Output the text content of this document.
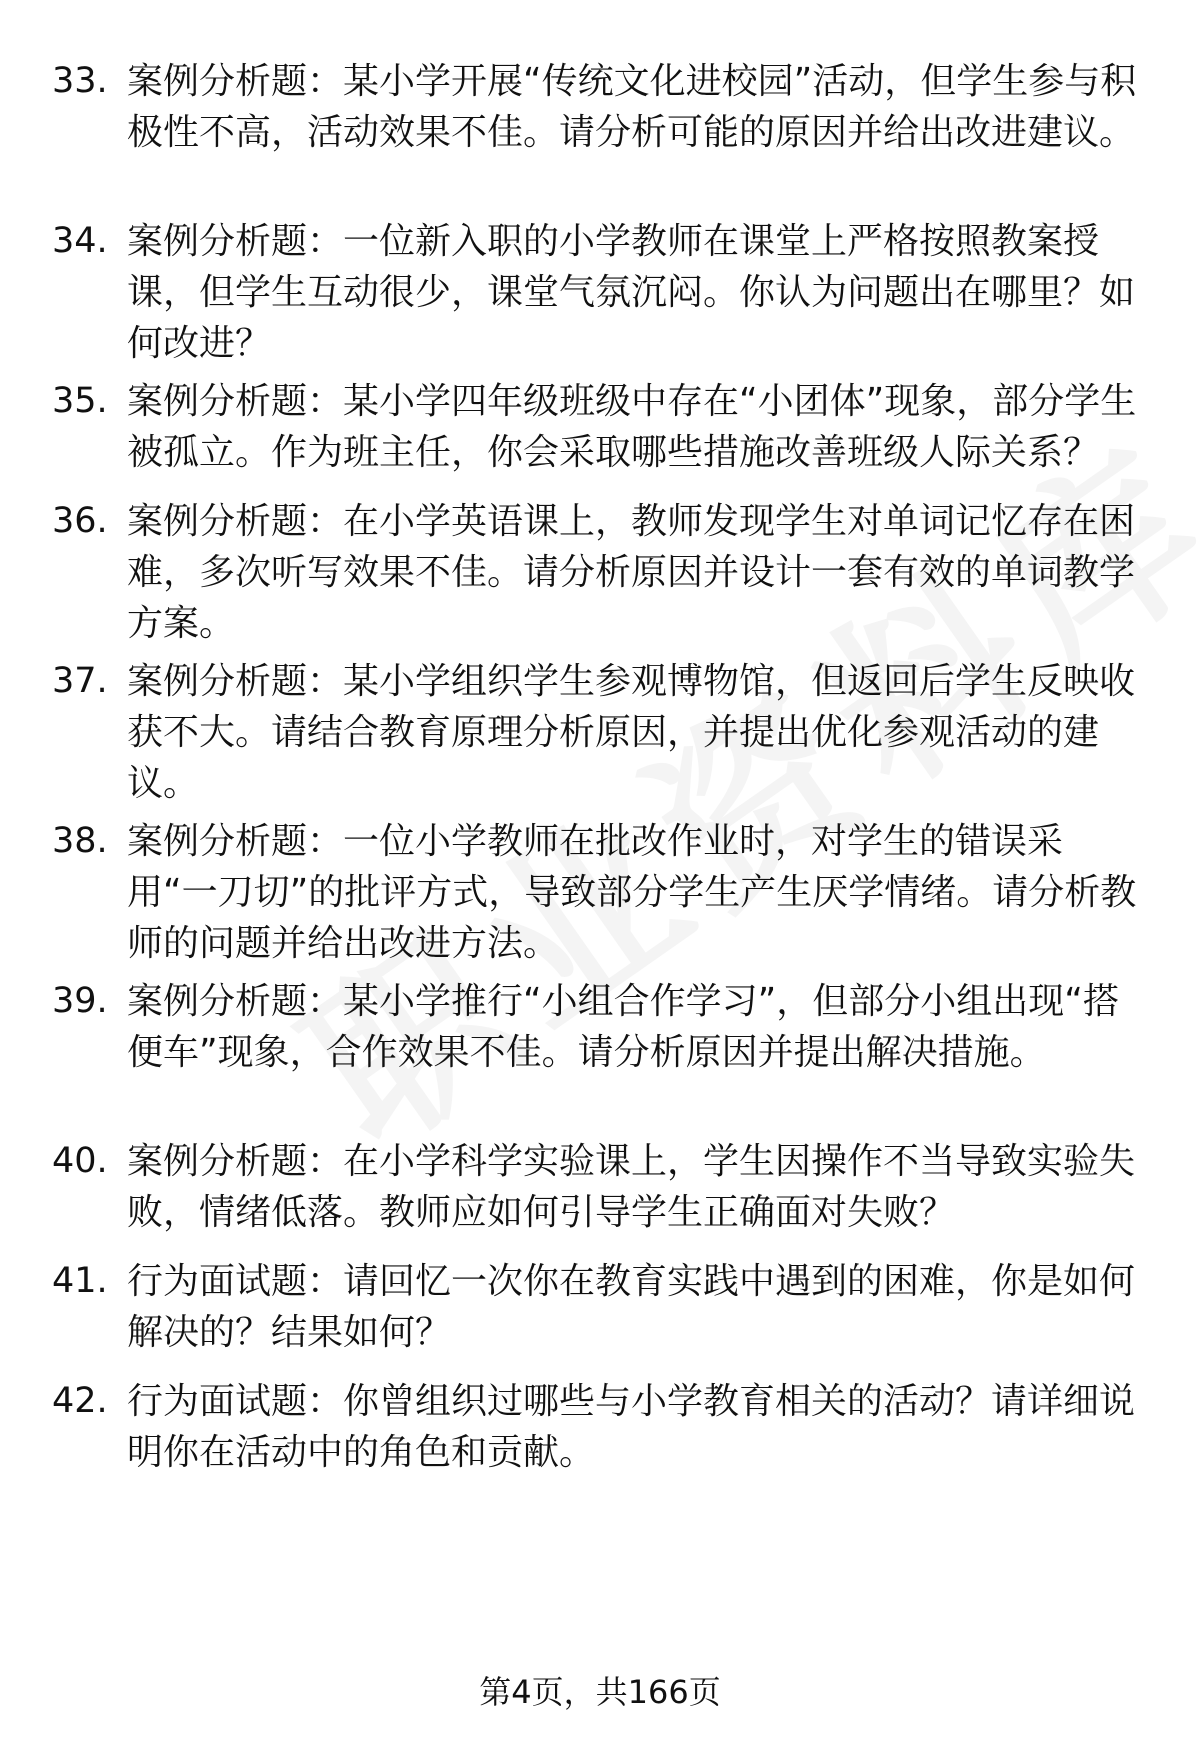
33. 案例分析题：某小学开展“传统文化进校园”活动，但学生参与积极性不高，活动效果不佳。请分析可能的原因并给出改进建议。
34. 案例分析题：一位新入职的小学教师在课堂上严格按照教案授课，但学生互动很少，课堂气氛沉闷。你认为问题出在哪里？如何改进？
35. 案例分析题：某小学四年级班级中存在“小团体”现象，部分学生被孤立。作为班主任，你会采取哪些措施改善班级人际关系？
36. 案例分析题：在小学英语课上，教师发现学生对单词记忆存在困难，多次听写效果不佳。请分析原因并设计一套有效的单词教学方案。
37. 案例分析题：某小学组织学生参观博物馆，但返回后学生反映收获不大。请结合教育原理分析原因，并提出优化参观活动的建议。
38. 案例分析题：一位小学教师在批改作业时，对学生的错误采用“一刀切”的批评方式，导致部分学生产生厌学情绪。请分析教师的问题并给出改进方法。
39. 案例分析题：某小学推行“小组合作学习”，但部分小组出现“搭便车”现象，合作效果不佳。请分析原因并提出解决措施。
40. 案例分析题：在小学科学实验课上，学生因操作不当导致实验失败，情绪低落。教师应如何引导学生正确面对失败？
41. 行为面试题：请回忆一次你在教育实践中遇到的困难，你是如何解决的？结果如何？
42. 行为面试题：你曾组织过哪些与小学教育相关的活动？请详细说明你在活动中的角色和贡献。
第4页，共166页
